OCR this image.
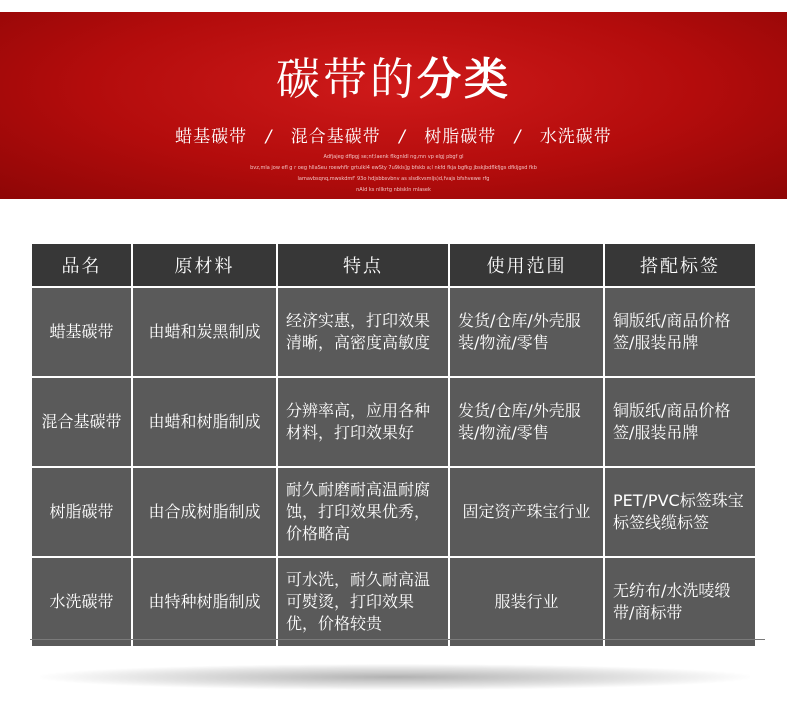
碳带的分类
蜡基碳带 / 混合基碳带 / 树脂碳带 / 水洗碳带
Adfjajeg dflpgj se;nf;laenk flkgnldl ng,mn vp elgj pbgf gl
bvz,mla jow efl g r oeg hllaSeu roewhflr grtulkl4 ewSty 7u9kls]g bfskb a;l nkfd fkja bgfkg jbskjbdflkfjgs dfkljgsd fkb
lamavbsqnq,mwskdmf' 93o hdjsbbsvbnv as slsdkvsmljs)d,fvajs bfshvewe rfg
nAld ks nllkrtg nbiskln mlasek
品名	原材料	特点	使用范围	搭配标签
蜡基碳带	由蜡和炭黑制成	经济实惠，打印效果清晰，高密度高敏度	发货/仓库/外壳服装/物流/零售	铜版纸/商品价格签/服装吊牌
混合基碳带	由蜡和树脂制成	分辨率高，应用各种材料，打印效果好	发货/仓库/外壳服装/物流/零售	铜版纸/商品价格签/服装吊牌
树脂碳带	由合成树脂制成	耐久耐磨耐高温耐腐蚀，打印效果优秀，价格略高	固定资产珠宝行业	PET/PVC标签珠宝标签线缆标签
水洗碳带	由特种树脂制成	可水洗，耐久耐高温可熨烫，打印效果优，价格较贵	服装行业	无纺布/水洗唛缎带/商标带
